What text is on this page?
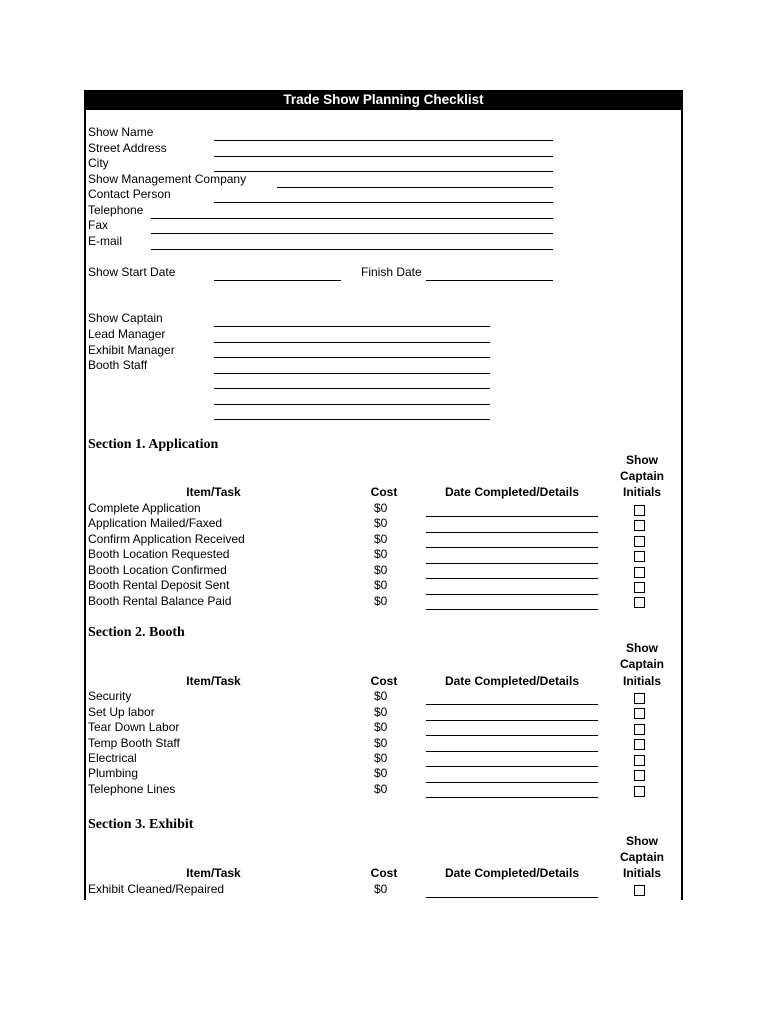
Trade Show Planning Checklist
Show Name
Street Address
City
Show Management Company
Contact Person
Telephone
Fax
E-mail
Show Start Date	Finish Date
Show Captain
Lead Manager
Exhibit Manager
Booth Staff
Section 1. Application
Show
Captain
Item/Task	Cost	Date Completed/Details	Initials
Complete Application	$0
Application Mailed/Faxed	$0
Confirm Application Received	$0
Booth Location Requested	$0
Booth Location Confirmed	$0
Booth Rental Deposit Sent	$0
Booth Rental Balance Paid	$0
Section 2. Booth
Show
Captain
Item/Task	Cost	Date Completed/Details	Initials
Security	$0
Set Up labor	$0
Tear Down Labor	$0
Temp Booth Staff	$0
Electrical	$0
Plumbing	$0
Telephone Lines	$0
Section 3. Exhibit
Show
Captain
Item/Task	Cost	Date Completed/Details	Initials
Exhibit Cleaned/Repaired	$0
